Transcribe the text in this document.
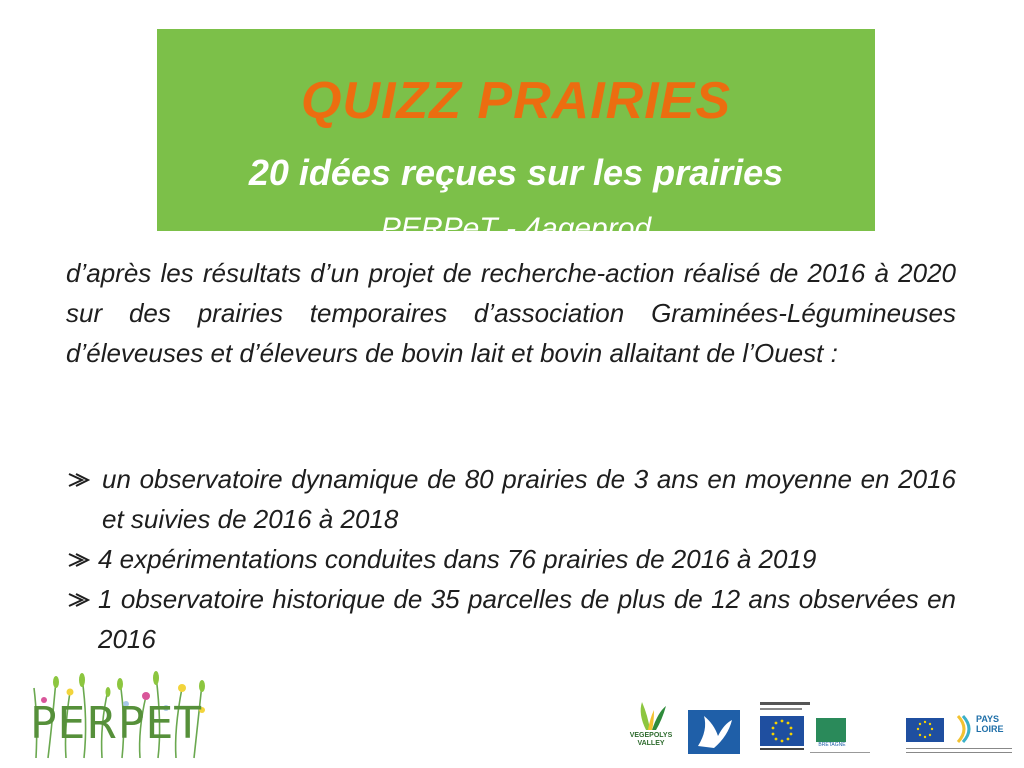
QUIZZ PRAIRIES
20 idées reçues sur les prairies
PERPeT - 4ageprod
d’après les résultats d’un projet de recherche-action réalisé de 2016 à 2020 sur des prairies temporaires d’association Graminées-Légumineuses d’éleveuses et d’éleveurs de bovin lait et bovin allaitant de l’Ouest :
un observatoire dynamique de 80 prairies de 3 ans en moyenne en 2016 et suivies de 2016 à 2018
4 expérimentations conduites dans 76 prairies de 2016 à 2019
1 observatoire historique de 35 parcelles de plus de 12 ans observées en 2016
PERPET	VEGEPOLYS VALLEY	BRETAGNE
PAYS
LOIRE
